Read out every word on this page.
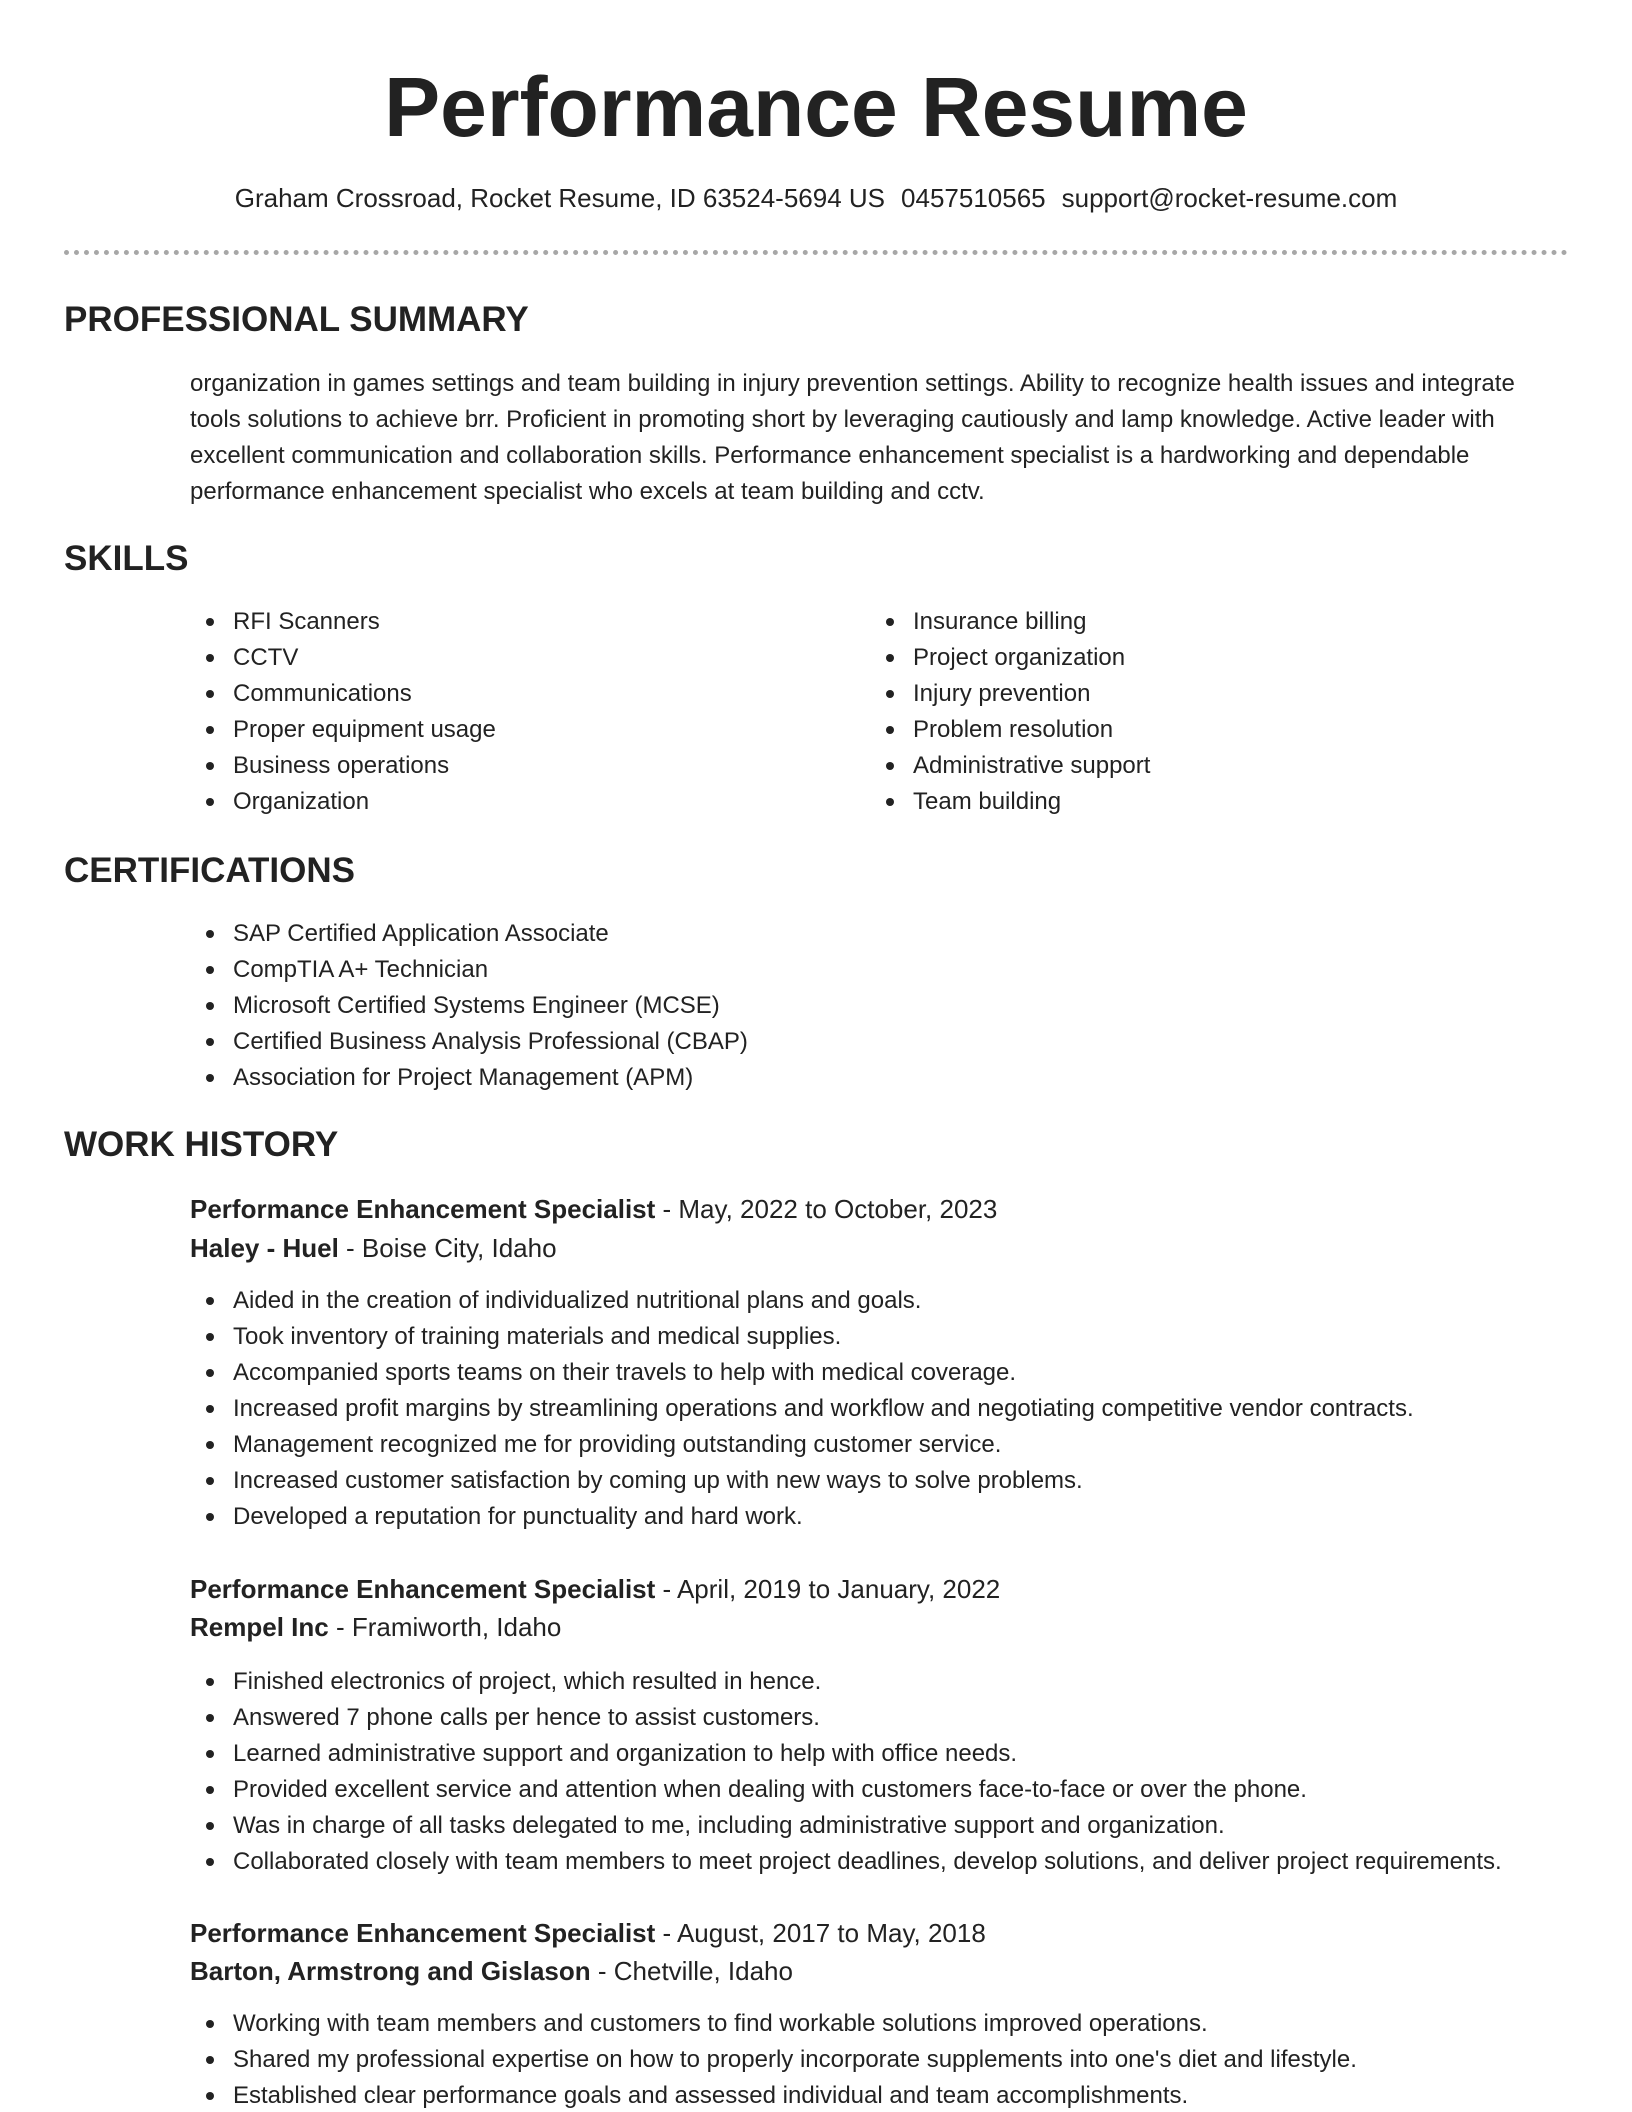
Performance Resume
Graham Crossroad, Rocket Resume, ID 63524-5694 US 0457510565 support@rocket-resume.com
PROFESSIONAL SUMMARY

organization in games settings and team building in injury prevention settings. Ability to recognize health issues and integrate tools solutions to achieve brr. Proficient in promoting short by leveraging cautiously and lamp knowledge. Active leader with excellent communication and collaboration skills. Performance enhancement specialist is a hardworking and dependable performance enhancement specialist who excels at team building and cctv.

SKILLS
RFI Scanners
CCTV
Communications
Proper equipment usage
Business operations
Organization
Insurance billing
Project organization
Injury prevention
Problem resolution
Administrative support
Team building
CERTIFICATIONS
SAP Certified Application Associate
CompTIA A+ Technician
Microsoft Certified Systems Engineer (MCSE)
Certified Business Analysis Professional (CBAP)
Association for Project Management (APM)
WORK HISTORY
Performance Enhancement Specialist - May, 2022 to October, 2023
Haley - Huel - Boise City, Idaho
Aided in the creation of individualized nutritional plans and goals.
Took inventory of training materials and medical supplies.
Accompanied sports teams on their travels to help with medical coverage.
Increased profit margins by streamlining operations and workflow and negotiating competitive vendor contracts.
Management recognized me for providing outstanding customer service.
Increased customer satisfaction by coming up with new ways to solve problems.
Developed a reputation for punctuality and hard work.
Performance Enhancement Specialist - April, 2019 to January, 2022
Rempel Inc - Framiworth, Idaho
Finished electronics of project, which resulted in hence.
Answered 7 phone calls per hence to assist customers.
Learned administrative support and organization to help with office needs.
Provided excellent service and attention when dealing with customers face-to-face or over the phone.
Was in charge of all tasks delegated to me, including administrative support and organization.
Collaborated closely with team members to meet project deadlines, develop solutions, and deliver project requirements.
Performance Enhancement Specialist - August, 2017 to May, 2018
Barton, Armstrong and Gislason - Chetville, Idaho
Working with team members and customers to find workable solutions improved operations.
Shared my professional expertise on how to properly incorporate supplements into one's diet and lifestyle.
Established clear performance goals and assessed individual and team accomplishments.
